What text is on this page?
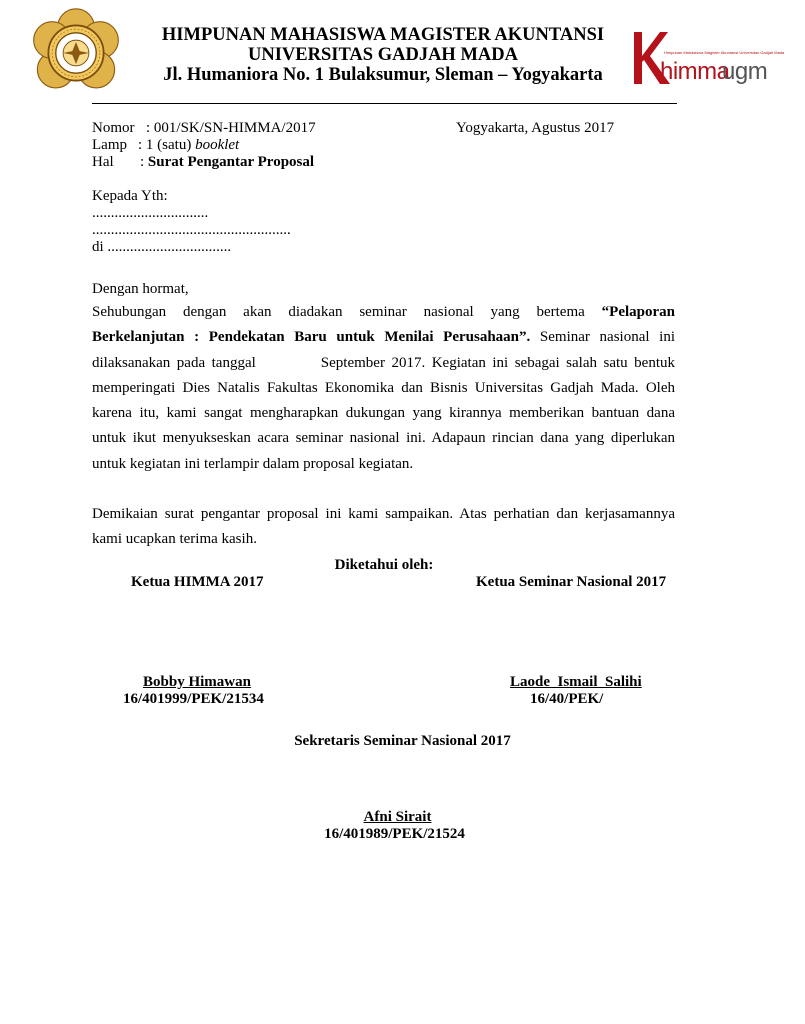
HIMPUNAN MAHASISWA MAGISTER AKUNTANSI
UNIVERSITAS GADJAH MADA
Jl. Humaniora No. 1 Bulaksumur, Sleman – Yogyakarta	himma
ugm
Himpunan Mahasiswa Magister Akuntansi Universitas Gadjah Mada
Nomor : 001/SK/SN-HIMMA/2017	Yogyakarta, Agustus 2017
Lamp : 1 (satu) booklet
Hal : Surat Pengantar Proposal
Kepada Yth:
...............................
.....................................................
di .................................
Dengan hormat,
Sehubungan dengan akan diadakan seminar nasional yang bertema “Pelaporan
Berkelanjutan : Pendekatan Baru untuk Menilai Perusahaan”. Seminar nasional ini
dilaksanakan pada tanggal          September 2017. Kegiatan ini sebagai salah satu bentuk
memperingati Dies Natalis Fakultas Ekonomika dan Bisnis Universitas Gadjah Mada. Oleh
karena itu, kami sangat mengharapkan dukungan yang kirannya memberikan bantuan dana
untuk ikut menyukseskan acara seminar nasional ini. Adapaun rincian dana yang diperlukan
untuk kegiatan ini terlampir dalam proposal kegiatan.
Demikaian surat pengantar proposal ini kami sampaikan. Atas perhatian dan kerjasamannya
kami ucapkan terima kasih.
Diketahui oleh:
Ketua HIMMA 2017	Ketua Seminar Nasional 2017
Bobby Himawan
16/401999/PEK/21534
Laode  Ismail  Salihi
16/40/PEK/
Sekretaris Seminar Nasional 2017
Afni Sirait
16/401989/PEK/21524
